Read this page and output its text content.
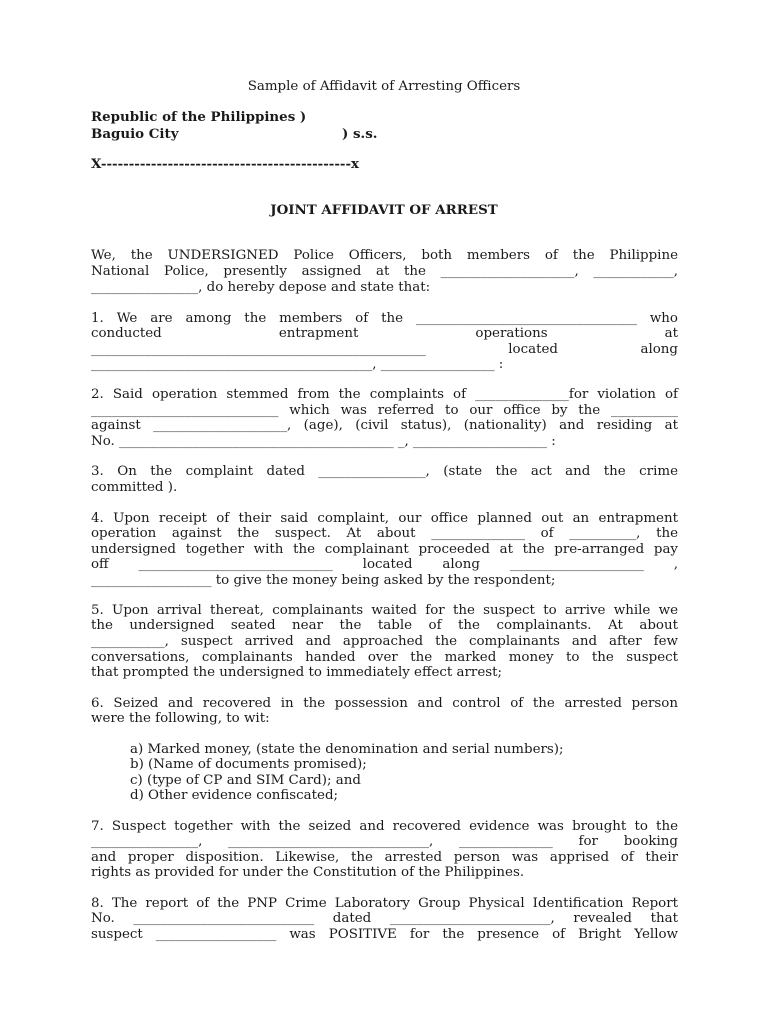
Sample of Affidavit of Arresting Officers
Republic of the Philippines )
Baguio City	) s.s.
X---------------------------------------------x
JOINT AFFIDAVIT OF ARREST
We, the UNDERSIGNED Police Officers, both members of the Philippine
National Police, presently assigned at the ____________________, ____________,
________________, do hereby depose and state that:
1. We are among the members of the _________________________________ who
conducted entrapment operations at
__________________________________________________ located along
__________________________________________, _________________ :
2. Said operation stemmed from the complaints of ______________for violation of
____________________________ which was referred to our office by the __________
against ____________________, (age), (civil status), (nationality) and residing at
No. _________________________________________ _, ____________________ :
3. On the complaint dated ________________, (state the act and the crime
committed ).
4. Upon receipt of their said complaint, our office planned out an entrapment
operation against the suspect. At about ______________ of __________, the
undersigned together with the complainant proceeded at the pre-arranged pay
off _____________________________ located along ____________________ ,
__________________ to give the money being asked by the respondent;
5. Upon arrival thereat, complainants waited for the suspect to arrive while we
the undersigned seated near the table of the complainants. At about
___________, suspect arrived and approached the complainants and after few
conversations, complainants handed over the marked money to the suspect
that prompted the undersigned to immediately effect arrest;
6. Seized and recovered in the possession and control of the arrested person
were the following, to wit:
a) Marked money, (state the denomination and serial numbers);
b) (Name of documents promised);
c) (type of CP and SIM Card); and
d) Other evidence confiscated;
7. Suspect together with the seized and recovered evidence was brought to the
________________, ______________________________, ______________ for booking
and proper disposition. Likewise, the arrested person was apprised of their
rights as provided for under the Constitution of the Philippines.
8. The report of the PNP Crime Laboratory Group Physical Identification Report
No. ___________________________ dated ________________________, revealed that
suspect __________________ was POSITIVE for the presence of Bright Yellow
